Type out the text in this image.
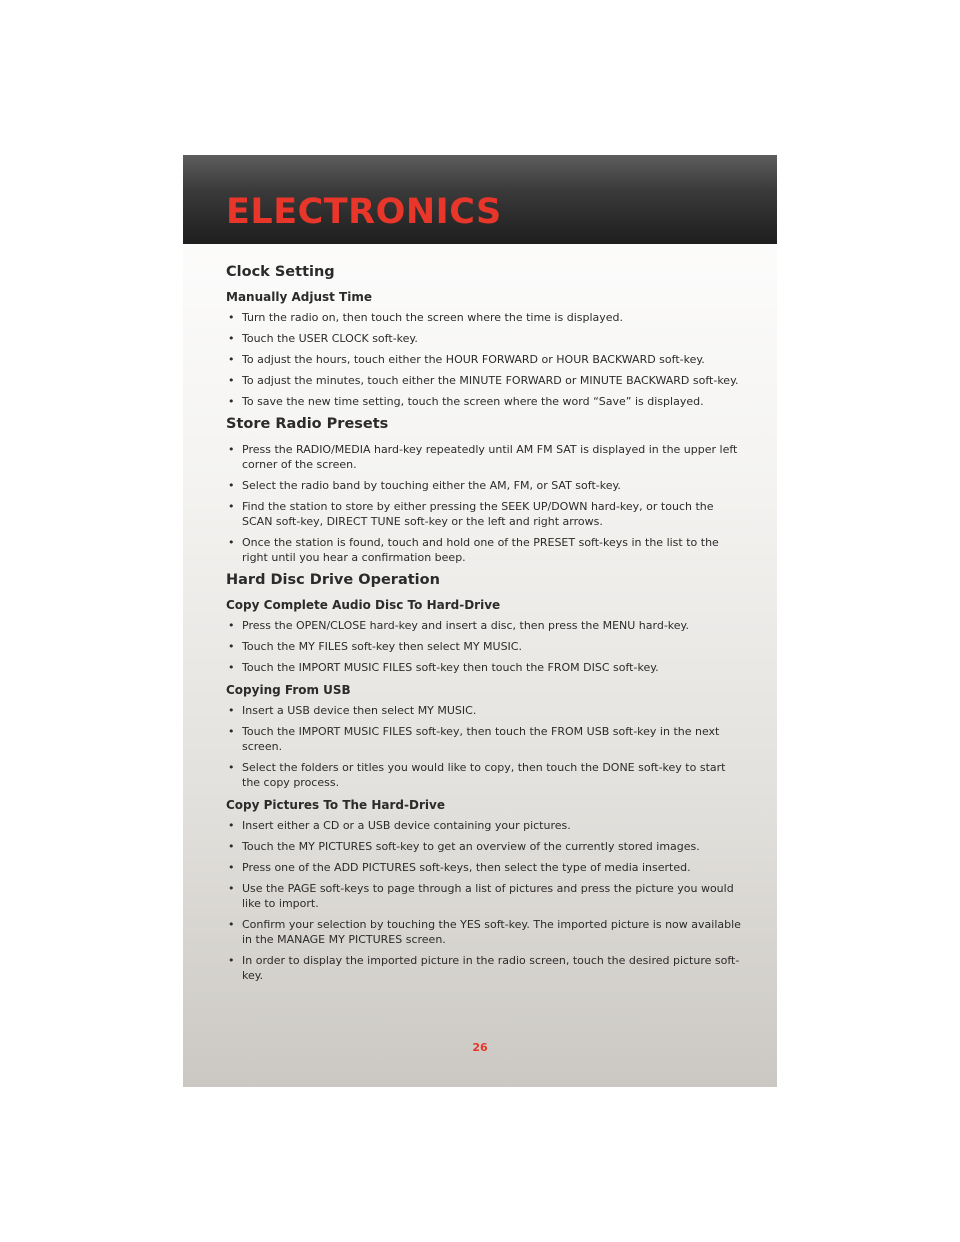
ELECTRONICS
Clock Setting
Manually Adjust Time
• Turn the radio on, then touch the screen where the time is displayed.
• Touch the USER CLOCK soft-key.
• To adjust the hours, touch either the HOUR FORWARD or HOUR BACKWARD soft-key.
• To adjust the minutes, touch either the MINUTE FORWARD or MINUTE BACKWARD soft-key.
• To save the new time setting, touch the screen where the word “Save” is displayed.
Store Radio Presets
• Press the RADIO/MEDIA hard-key repeatedly until AM FM SAT is displayed in the upper left corner of the screen.
• Select the radio band by touching either the AM, FM, or SAT soft-key.
• Find the station to store by either pressing the SEEK UP/DOWN hard-key, or touch the SCAN soft-key, DIRECT TUNE soft-key or the left and right arrows.
• Once the station is found, touch and hold one of the PRESET soft-keys in the list to the right until you hear a confirmation beep.
Hard Disc Drive Operation
Copy Complete Audio Disc To Hard-Drive
• Press the OPEN/CLOSE hard-key and insert a disc, then press the MENU hard-key.
• Touch the MY FILES soft-key then select MY MUSIC.
• Touch the IMPORT MUSIC FILES soft-key then touch the FROM DISC soft-key.
Copying From USB
• Insert a USB device then select MY MUSIC.
• Touch the IMPORT MUSIC FILES soft-key, then touch the FROM USB soft-key in the next screen.
• Select the folders or titles you would like to copy, then touch the DONE soft-key to start the copy process.
Copy Pictures To The Hard-Drive
• Insert either a CD or a USB device containing your pictures.
• Touch the MY PICTURES soft-key to get an overview of the currently stored images.
• Press one of the ADD PICTURES soft-keys, then select the type of media inserted.
• Use the PAGE soft-keys to page through a list of pictures and press the picture you would like to import.
• Confirm your selection by touching the YES soft-key. The imported picture is now available in the MANAGE MY PICTURES screen.
• In order to display the imported picture in the radio screen, touch the desired picture soft-key.
26
